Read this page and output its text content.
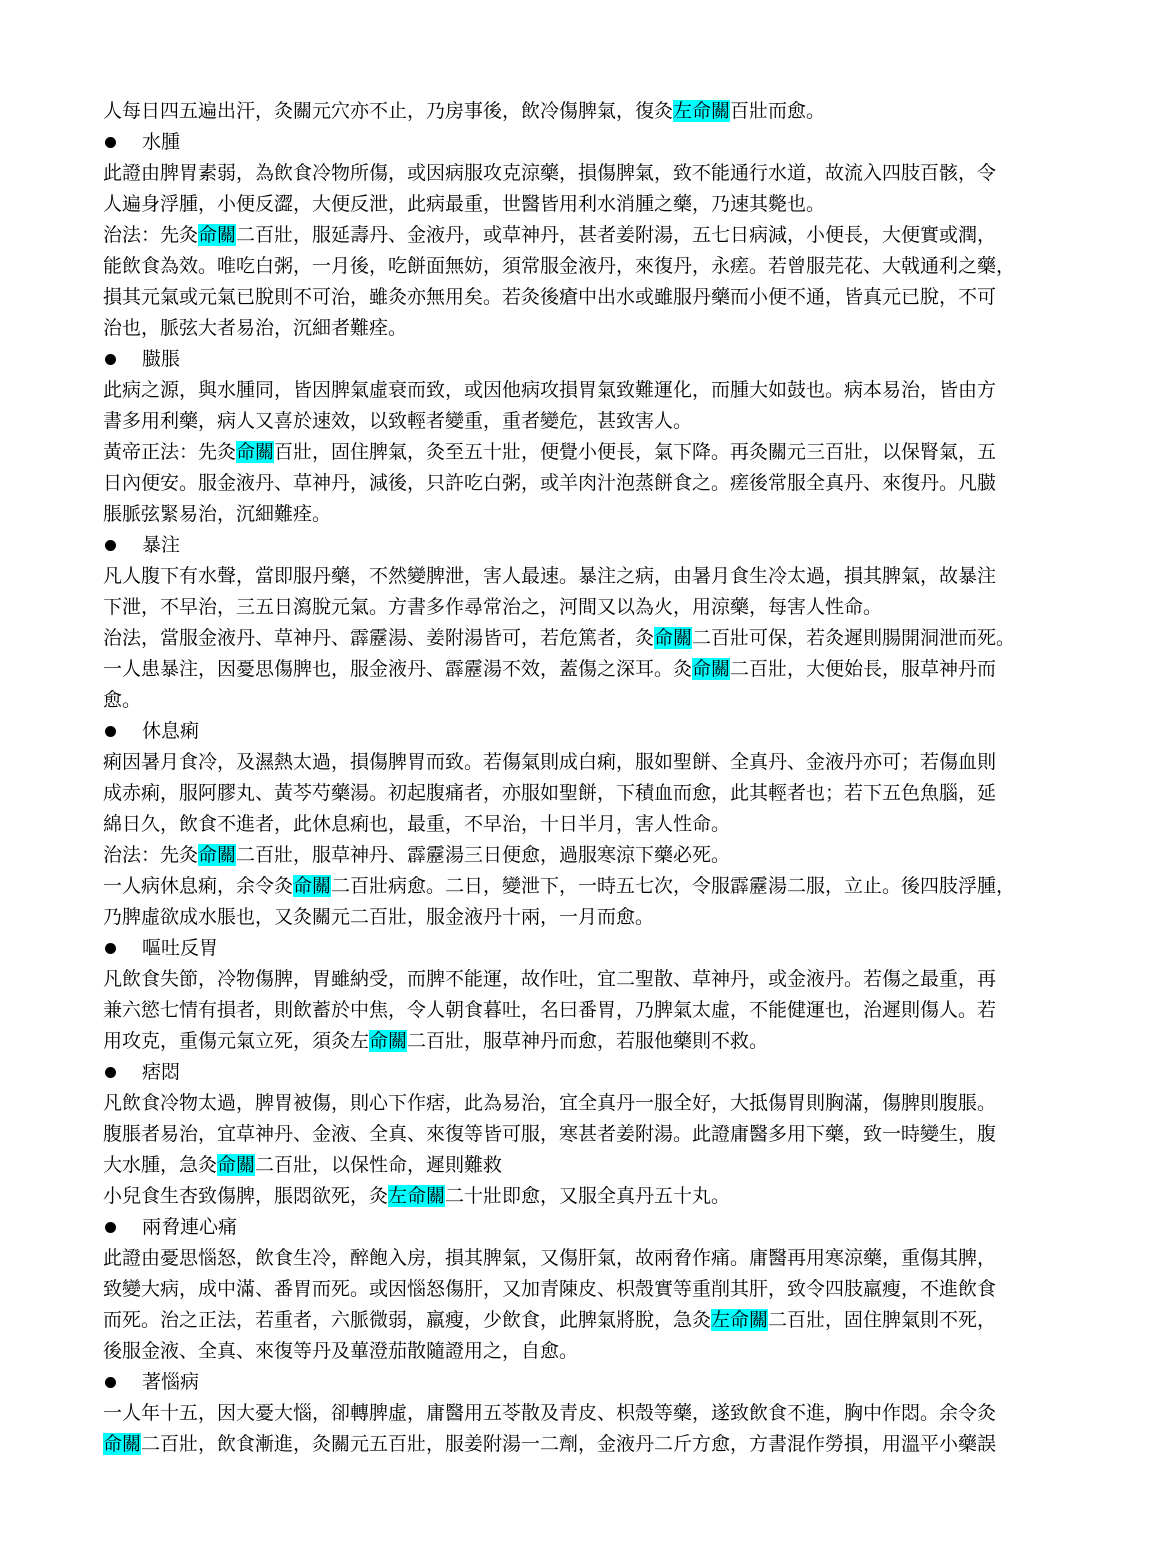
人每日四五遍出汗，灸關元穴亦不止，乃房事後，飲冷傷脾氣，復灸左命關百壯而愈。
水腫
此證由脾胃素弱，為飲食冷物所傷，或因病服攻克涼藥，損傷脾氣，致不能通行水道，故流入四肢百骸，令
人遍身浮腫，小便反澀，大便反泄，此病最重，世醫皆用利水消腫之藥，乃速其斃也。
治法：先灸命關二百壯，服延壽丹、金液丹，或草神丹，甚者姜附湯，五七日病減，小便長，大便實或潤，
能飲食為效。唯吃白粥，一月後，吃餅面無妨，須常服金液丹，來復丹，永瘥。若曾服芫花、大戟通利之藥，
損其元氣或元氣已脫則不可治，雖灸亦無用矣。若灸後瘡中出水或雖服丹藥而小便不通，皆真元已脫，不可
治也，脈弦大者易治，沉細者難痊。
臌脹
此病之源，與水腫同，皆因脾氣虛衰而致，或因他病攻損胃氣致難運化，而腫大如鼓也。病本易治，皆由方
書多用利藥，病人又喜於速效，以致輕者變重，重者變危，甚致害人。
黃帝正法：先灸命關百壯，固住脾氣，灸至五十壯，便覺小便長，氣下降。再灸關元三百壯，以保腎氣，五
日內便安。服金液丹、草神丹，減後，只許吃白粥，或羊肉汁泡蒸餅食之。瘥後常服全真丹、來復丹。凡臌
脹脈弦緊易治，沉細難痊。
暴注
凡人腹下有水聲，當即服丹藥，不然變脾泄，害人最速。暴注之病，由暑月食生冷太過，損其脾氣，故暴注
下泄，不早治，三五日瀉脫元氣。方書多作尋常治之，河間又以為火，用涼藥，每害人性命。
治法，當服金液丹、草神丹、霹靂湯、姜附湯皆可，若危篤者，灸命關二百壯可保，若灸遲則腸開洞泄而死。
一人患暴注，因憂思傷脾也，服金液丹、霹靂湯不效，蓋傷之深耳。灸命關二百壯，大便始長，服草神丹而
愈。
休息痢
痢因暑月食冷，及濕熱太過，損傷脾胃而致。若傷氣則成白痢，服如聖餅、全真丹、金液丹亦可；若傷血則
成赤痢，服阿膠丸、黃芩芍藥湯。初起腹痛者，亦服如聖餅，下積血而愈，此其輕者也；若下五色魚腦，延
綿日久，飲食不進者，此休息痢也，最重，不早治，十日半月，害人性命。
治法：先灸命關二百壯，服草神丹、霹靂湯三日便愈，過服寒涼下藥必死。
一人病休息痢，余令灸命關二百壯病愈。二日，變泄下，一時五七次，令服霹靂湯二服，立止。後四肢浮腫，
乃脾虛欲成水脹也，又灸關元二百壯，服金液丹十兩，一月而愈。
嘔吐反胃
凡飲食失節，冷物傷脾，胃雖納受，而脾不能運，故作吐，宜二聖散、草神丹，或金液丹。若傷之最重，再
兼六慾七情有損者，則飲蓄於中焦，令人朝食暮吐，名曰番胃，乃脾氣太虛，不能健運也，治遲則傷人。若
用攻克，重傷元氣立死，須灸左命關二百壯，服草神丹而愈，若服他藥則不救。
痞悶
凡飲食冷物太過，脾胃被傷，則心下作痞，此為易治，宜全真丹一服全好，大抵傷胃則胸滿，傷脾則腹脹。
腹脹者易治，宜草神丹、金液、全真、來復等皆可服，寒甚者姜附湯。此證庸醫多用下藥，致一時變生，腹
大水腫，急灸命關二百壯，以保性命，遲則難救
小兒食生杏致傷脾，脹悶欲死，灸左命關二十壯即愈，又服全真丹五十丸。
兩脅連心痛
此證由憂思惱怒，飲食生冷，醉飽入房，損其脾氣，又傷肝氣，故兩脅作痛。庸醫再用寒涼藥，重傷其脾，
致變大病，成中滿、番胃而死。或因惱怒傷肝，又加青陳皮、枳殼實等重削其肝，致令四肢羸瘦，不進飲食
而死。治之正法，若重者，六脈微弱，羸瘦，少飲食，此脾氣將脫，急灸左命關二百壯，固住脾氣則不死，
後服金液、全真、來復等丹及蓽澄茄散隨證用之，自愈。
著惱病
一人年十五，因大憂大惱，卻轉脾虛，庸醫用五苓散及青皮、枳殼等藥，遂致飲食不進，胸中作悶。余令灸
命關二百壯，飲食漸進，灸關元五百壯，服姜附湯一二劑，金液丹二斤方愈，方書混作勞損，用溫平小藥誤
